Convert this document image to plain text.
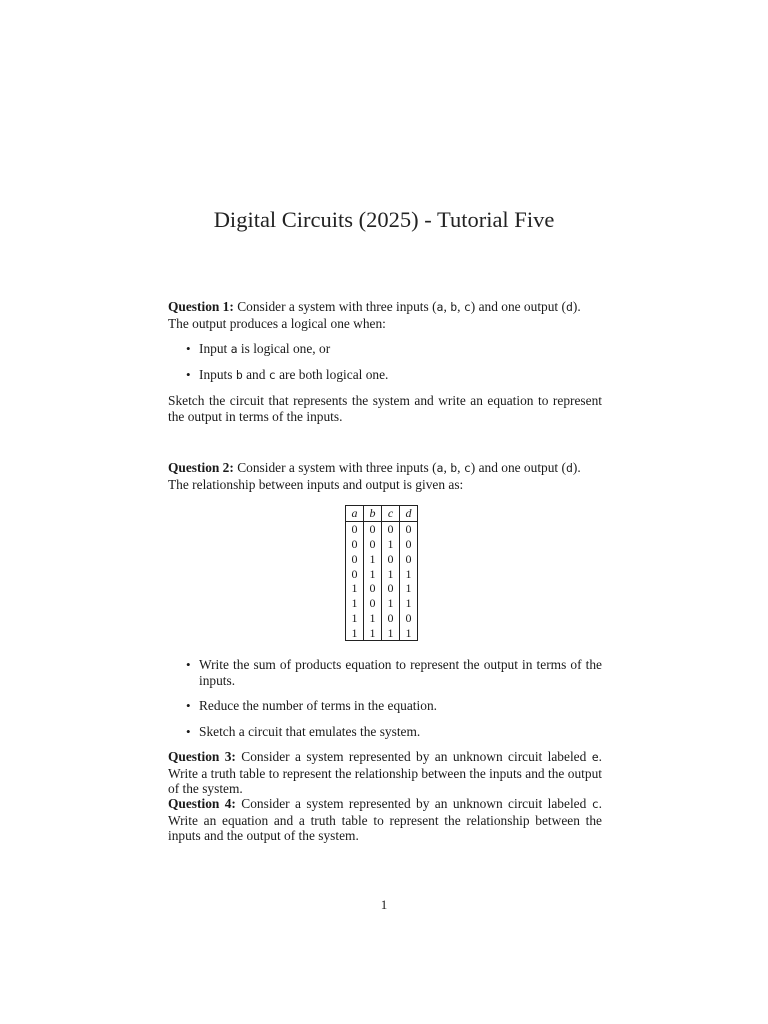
Digital Circuits (2025) - Tutorial Five
Question 1: Consider a system with three inputs (a, b, c) and one output (d).
The output produces a logical one when:
• Input a is logical one, or
• Inputs b and c are both logical one.
Sketch the circuit that represents the system and write an equation to represent the output in terms of the inputs.
Question 2: Consider a system with three inputs (a, b, c) and one output (d).
The relationship between inputs and output is given as:
a	b	c	d
0	0	0	0
0	0	1	0
0	1	0	0
0	1	1	1
1	0	0	1
1	0	1	1
1	1	0	0
1	1	1	1
• Write the sum of products equation to represent the output in terms of the inputs.
• Reduce the number of terms in the equation.
• Sketch a circuit that emulates the system.
Question 3: Consider a system represented by an unknown circuit labeled e. Write a truth table to represent the relationship between the inputs and the output of the system.
Question 4: Consider a system represented by an unknown circuit labeled c. Write an equation and a truth table to represent the relationship between the inputs and the output of the system.
1
